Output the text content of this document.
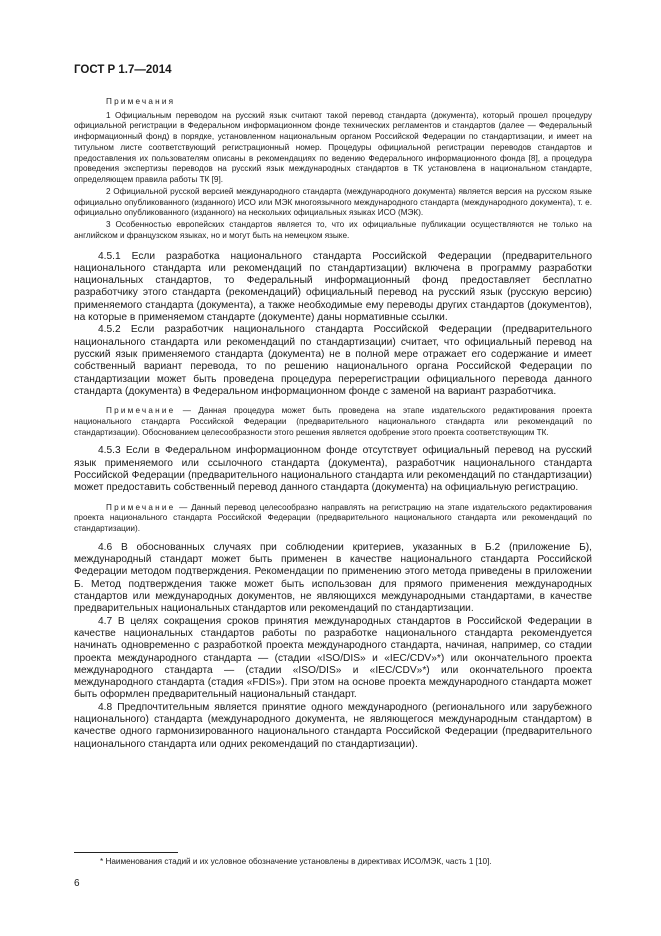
ГОСТ Р 1.7—2014
Примечания

1 Официальным переводом на русский язык считают такой перевод стандарта (документа), который прошел процедуру официальной регистрации в Федеральном информационном фонде технических регламентов и стандартов (далее — Федеральный информационный фонд) в порядке, установленном национальным органом Российской Федерации по стандартизации, и имеет на титульном листе соответствующий регистрационный номер. Процедуры официальной регистрации переводов стандартов и предоставления их пользователям описаны в рекомендациях по ведению Федерального информационного фонда [8], а процедура проведения экспертизы переводов на русский язык международных стандартов в ТК установлена в национальном стандарте, определяющем правила работы ТК [9].

2 Официальной русской версией международного стандарта (международного документа) является версия на русском языке официально опубликованного (изданного) ИСО или МЭК многоязычного международного стандарта (международного документа), т. е. официально опубликованного (изданного) на нескольких официальных языках ИСО (МЭК).

3 Особенностью европейских стандартов является то, что их официальные публикации осуществляются не только на английском и французском языках, но и могут быть на немецком языке.

4.5.1 Если разработка национального стандарта Российской Федерации (предварительного национального стандарта или рекомендаций по стандартизации) включена в программу разработки национальных стандартов, то Федеральный информационный фонд предоставляет бесплатно разработчику этого стандарта (рекомендаций) официальный перевод на русский язык (русскую версию) применяемого стандарта (документа), а также необходимые ему переводы других стандартов (документов), на которые в применяемом стандарте (документе) даны нормативные ссылки.

4.5.2 Если разработчик национального стандарта Российской Федерации (предварительного национального стандарта или рекомендаций по стандартизации) считает, что официальный перевод на русский язык применяемого стандарта (документа) не в полной мере отражает его содержание и имеет собственный вариант перевода, то по решению национального органа Российской Федерации по стандартизации может быть проведена процедура перерегистрации официального перевода данного стандарта (документа) в Федеральном информационном фонде с заменой на вариант разработчика.

Примечание — Данная процедура может быть проведена на этапе издательского редактирования проекта национального стандарта Российской Федерации (предварительного национального стандарта или рекомендаций по стандартизации). Обоснованием целесообразности этого решения является одобрение этого проекта соответствующим ТК.

4.5.3 Если в Федеральном информационном фонде отсутствует официальный перевод на русский язык применяемого или ссылочного стандарта (документа), разработчик национального стандарта Российской Федерации (предварительного национального стандарта или рекомендаций по стандартизации) может предоставить собственный перевод данного стандарта (документа) на официальную регистрацию.

Примечание — Данный перевод целесообразно направлять на регистрацию на этапе издательского редактирования проекта национального стандарта Российской Федерации (предварительного национального стандарта или рекомендаций по стандартизации).

4.6 В обоснованных случаях при соблюдении критериев, указанных в Б.2 (приложение Б), международный стандарт может быть применен в качестве национального стандарта Российской Федерации методом подтверждения. Рекомендации по применению этого метода приведены в приложении Б. Метод подтверждения также может быть использован для прямого применения международных стандартов или международных документов, не являющихся международными стандартами, в качестве предварительных национальных стандартов или рекомендаций по стандартизации.

4.7 В целях сокращения сроков принятия международных стандартов в Российской Федерации в качестве национальных стандартов работы по разработке национального стандарта рекомендуется начинать одновременно с разработкой проекта международного стандарта, начиная, например, со стадии проекта международного стандарта — (стадии «ISO/DIS» и «IEC/CDV»*) или окончательного проекта международного стандарта — (стадии «ISO/DIS» и «IEC/CDV»*) или окончательного проекта международного стандарта (стадия «FDIS»). При этом на основе проекта международного стандарта может быть оформлен предварительный национальный стандарт.

4.8 Предпочтительным является принятие одного международного (регионального или зарубежного национального) стандарта (международного документа, не являющегося международным стандартом) в качестве одного гармонизированного национального стандарта Российской Федерации (предварительного национального стандарта или одних рекомендаций по стандартизации).

* Наименования стадий и их условное обозначение установлены в директивах ИСО/МЭК, часть 1 [10].

6
